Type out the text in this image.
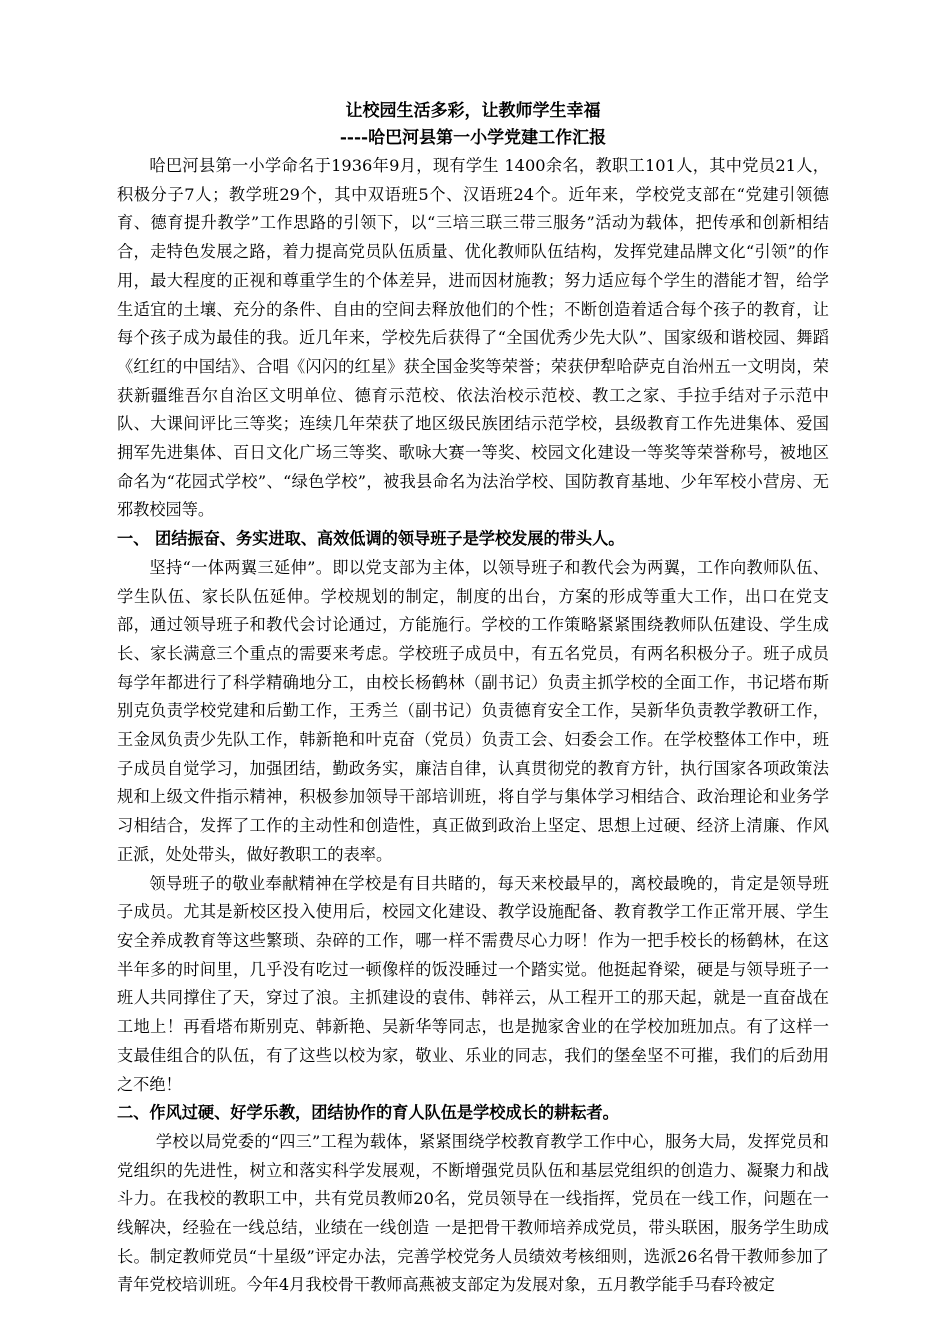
让校园生活多彩，让教师学生幸福

----哈巴河县第一小学党建工作汇报

哈巴河县第一小学命名于1936年9月，现有学生 1400余名，教职工101人，其中党员21人，积极分子7人；教学班29个，其中双语班5个、汉语班24个。近年来，学校党支部在“党建引领德育、德育提升教学”工作思路的引领下，以“三培三联三带三服务”活动为载体，把传承和创新相结合，走特色发展之路，着力提高党员队伍质量、优化教师队伍结构，发挥党建品牌文化“引领”的作用，最大程度的正视和尊重学生的个体差异，进而因材施教；努力适应每个学生的潜能才智，给学生适宜的土壤、充分的条件、自由的空间去释放他们的个性；不断创造着适合每个孩子的教育，让每个孩子成为最佳的我。近几年来，学校先后获得了“全国优秀少先大队”、国家级和谐校园、舞蹈《红红的中国结》、合唱《闪闪的红星》获全国金奖等荣誉；荣获伊犁哈萨克自治州五一文明岗，荣获新疆维吾尔自治区文明单位、德育示范校、依法治校示范校、教工之家、手拉手结对子示范中队、大课间评比三等奖；连续几年荣获了地区级民族团结示范学校，县级教育工作先进集体、爱国拥军先进集体、百日文化广场三等奖、歌咏大赛一等奖、校园文化建设一等奖等荣誉称号，被地区命名为“花园式学校”、“绿色学校”，被我县命名为法治学校、国防教育基地、少年军校小营房、无邪教校园等。

一、 团结振奋、务实进取、高效低调的领导班子是学校发展的带头人。

坚持“一体两翼三延伸”。即以党支部为主体，以领导班子和教代会为两翼，工作向教师队伍、学生队伍、家长队伍延伸。学校规划的制定，制度的出台，方案的形成等重大工作，出口在党支部，通过领导班子和教代会讨论通过，方能施行。学校的工作策略紧紧围绕教师队伍建设、学生成长、家长满意三个重点的需要来考虑。学校班子成员中，有五名党员，有两名积极分子。班子成员每学年都进行了科学精确地分工，由校长杨鹤林（副书记）负责主抓学校的全面工作，书记塔布斯别克负责学校党建和后勤工作，王秀兰（副书记）负责德育安全工作，吴新华负责教学教研工作，王金凤负责少先队工作，韩新艳和叶克奋（党员）负责工会、妇委会工作。在学校整体工作中，班子成员自觉学习，加强团结，勤政务实，廉洁自律，认真贯彻党的教育方针，执行国家各项政策法规和上级文件指示精神，积极参加领导干部培训班，将自学与集体学习相结合、政治理论和业务学习相结合，发挥了工作的主动性和创造性，真正做到政治上坚定、思想上过硬、经济上清廉、作风正派，处处带头，做好教职工的表率。

领导班子的敬业奉献精神在学校是有目共睹的，每天来校最早的，离校最晚的，肯定是领导班子成员。尤其是新校区投入使用后，校园文化建设、教学设施配备、教育教学工作正常开展、学生安全养成教育等这些繁琐、杂碎的工作，哪一样不需费尽心力呀！作为一把手校长的杨鹤林，在这半年多的时间里，几乎没有吃过一顿像样的饭没睡过一个踏实觉。他挺起脊梁，硬是与领导班子一班人共同撑住了天，穿过了浪。主抓建设的袁伟、韩祥云，从工程开工的那天起，就是一直奋战在工地上！再看塔布斯别克、韩新艳、吴新华等同志，也是抛家舍业的在学校加班加点。有了这样一支最佳组合的队伍，有了这些以校为家，敬业、乐业的同志，我们的堡垒坚不可摧，我们的后劲用之不绝！

二、作风过硬、好学乐教，团结协作的育人队伍是学校成长的耕耘者。

学校以局党委的“四三”工程为载体，紧紧围绕学校教育教学工作中心，服务大局，发挥党员和党组织的先进性，树立和落实科学发展观，不断增强党员队伍和基层党组织的创造力、凝聚力和战斗力。在我校的教职工中，共有党员教师20名，党员领导在一线指挥，党员在一线工作，问题在一线解决，经验在一线总结，业绩在一线创造 一是把骨干教师培养成党员，带头联困，服务学生助成长。制定教师党员“十星级”评定办法，完善学校党务人员绩效考核细则，选派26名骨干教师参加了青年党校培训班。今年4月我校骨干教师高燕被支部定为发展对象，五月教学能手马春玲被定
